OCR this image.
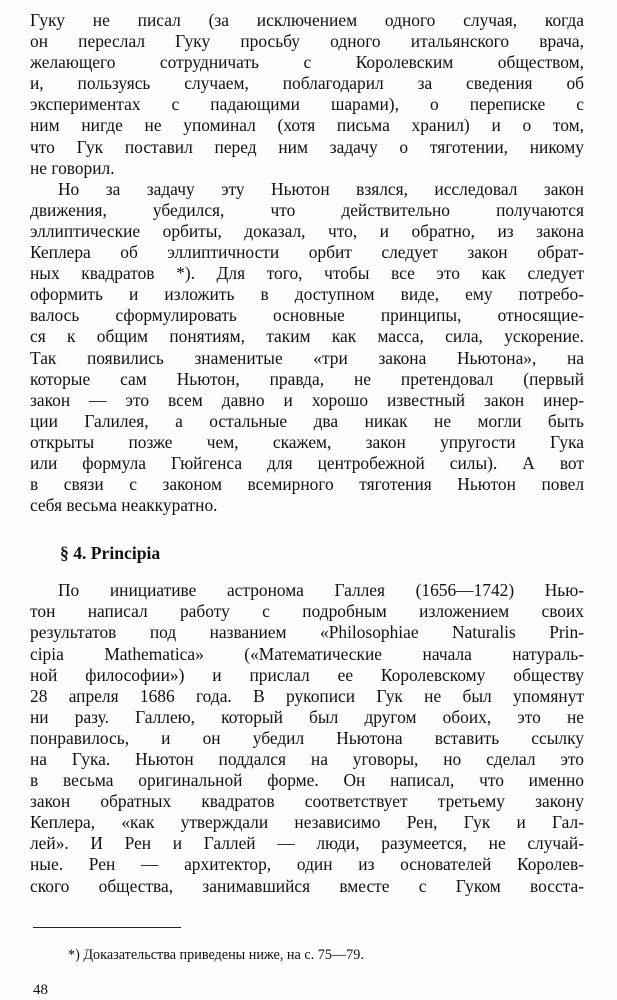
Гуку не писал (за исключением одного случая, когда
он переслал Гуку просьбу одного итальянского врача,
желающего сотрудничать с Королевским обществом,
и, пользуясь случаем, поблагодарил за сведения об
экспериментах с падающими шарами), о переписке с
ним нигде не упоминал (хотя письма хранил) и о том,
что Гук поставил перед ним задачу о тяготении, никому
не говорил.
Но за задачу эту Ньютон взялся, исследовал закон
движения, убедился, что действительно получаются
эллиптические орбиты, доказал, что, и обратно, из закона
Кеплера об эллиптичности орбит следует закон обрат-
ных квадратов *). Для того, чтобы все это как следует
оформить и изложить в доступном виде, ему потребо-
валось сформулировать основные принципы, относящие-
ся к общим понятиям, таким как масса, сила, ускорение.
Так появились знаменитые «три закона Ньютона», на
которые сам Ньютон, правда, не претендовал (первый
закон — это всем давно и хорошо известный закон инер-
ции Галилея, а остальные два никак не могли быть
открыты позже чем, скажем, закон упругости Гука
или формула Гюйгенса для центробежной силы). А вот
в связи с законом всемирного тяготения Ньютон повел
себя весьма неаккуратно.
§ 4. Principia
По инициативе астронома Галлея (1656—1742) Нью-
тон написал работу с подробным изложением своих
результатов под названием «Philosophiae Naturalis Prin-
cipia Mathematica» («Математические начала натураль-
ной философии») и прислал ее Королевскому обществу
28 апреля 1686 года. В рукописи Гук не был упомянут
ни разу. Галлею, который был другом обоих, это не
понравилось, и он убедил Ньютона вставить ссылку
на Гука. Ньютон поддался на уговоры, но сделал это
в весьма оригинальной форме. Он написал, что именно
закон обратных квадратов соответствует третьему закону
Кеплера, «как утверждали независимо Рен, Гук и Гал-
лей». И Рен и Галлей — люди, разумеется, не случай-
ные. Рен — архитектор, один из основателей Королев-
ского общества, занимавшийся вместе с Гуком восста-
*) Доказательства приведены ниже, на с. 75—79.
48
